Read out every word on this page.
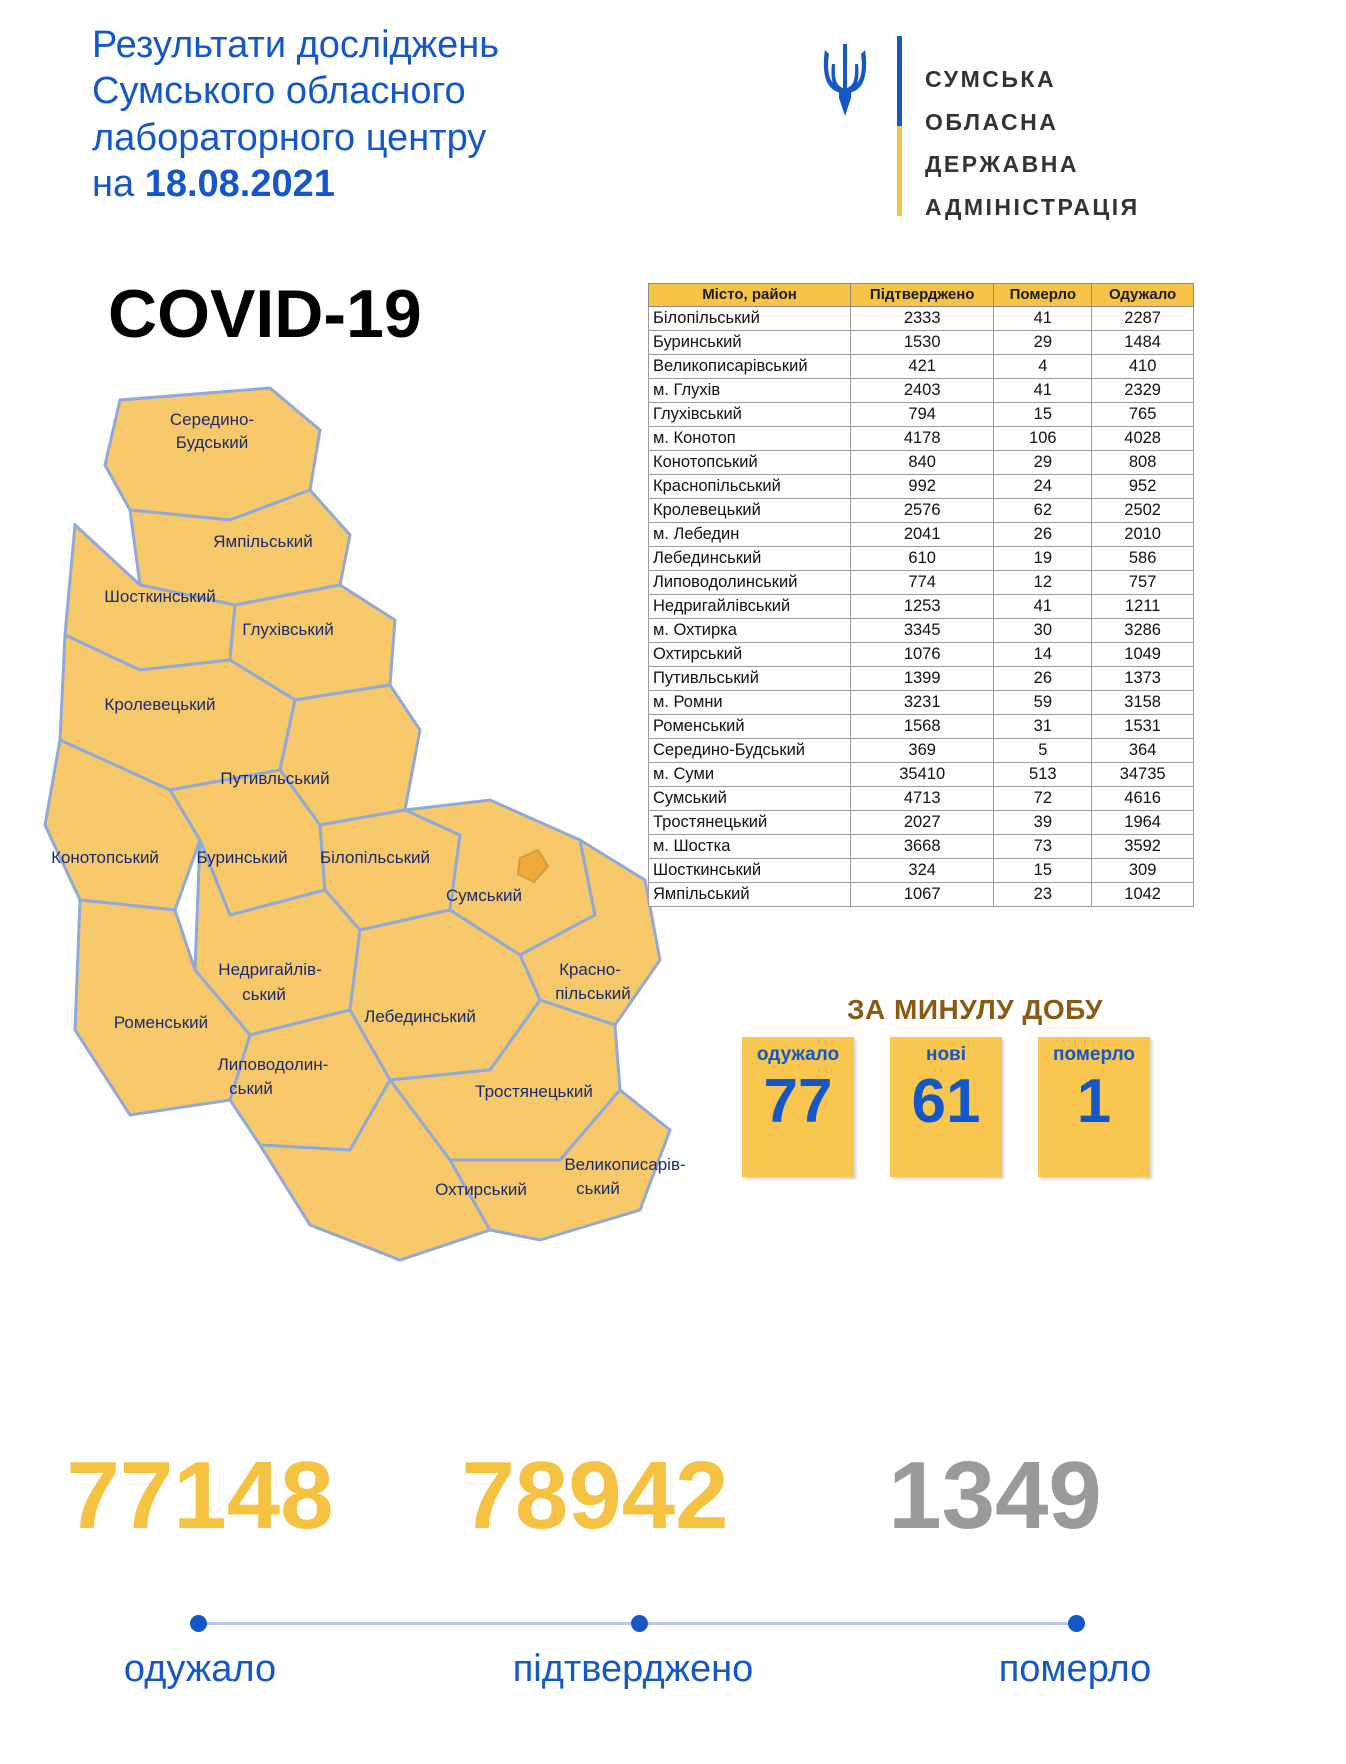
Результати досліджень
Сумського обласного
лабораторного центру
на 18.08.2021
COVID-19
СУМСЬКА
ОБЛАСНА
ДЕРЖАВНА
АДМІНІСТРАЦІЯ
Середино-
Будський
Ямпільський
Шосткинський
Глухівський
Кролевецький
Путивльський
Конотопський Буринський Білопільський
Сумський
Недригайлів-
ський
Красно-
пільський
Роменський	Лебединський
Липоводолин-
ський	Тростянецький
Великописарів-
ський
Охтирський
Місто, район	Підтверджено	Померло	Одужало
Білопільський	2333	41	2287
Буринський	1530	29	1484
Великописарівський	421	4	410
м. Глухів	2403	41	2329
Глухівський	794	15	765
м. Конотоп	4178	106	4028
Конотопський	840	29	808
Краснопільський	992	24	952
Кролевецький	2576	62	2502
м. Лебедин	2041	26	2010
Лебединський	610	19	586
Липоводолинський	774	12	757
Недригайлівський	1253	41	1211
м. Охтирка	3345	30	3286
Охтирський	1076	14	1049
Путивльський	1399	26	1373
м. Ромни	3231	59	3158
Роменський	1568	31	1531
Середино-Будський	369	5	364
м. Суми	35410	513	34735
Сумський	4713	72	4616
Тростянецький	2027	39	1964
м. Шостка	3668	73	3592
Шосткинський	324	15	309
Ямпільський	1067	23	1042
ЗА МИНУЛУ ДОБУ
одужало
77
нові
61
померло
1
77148	78942	1349
одужало	підтверджено	померло
